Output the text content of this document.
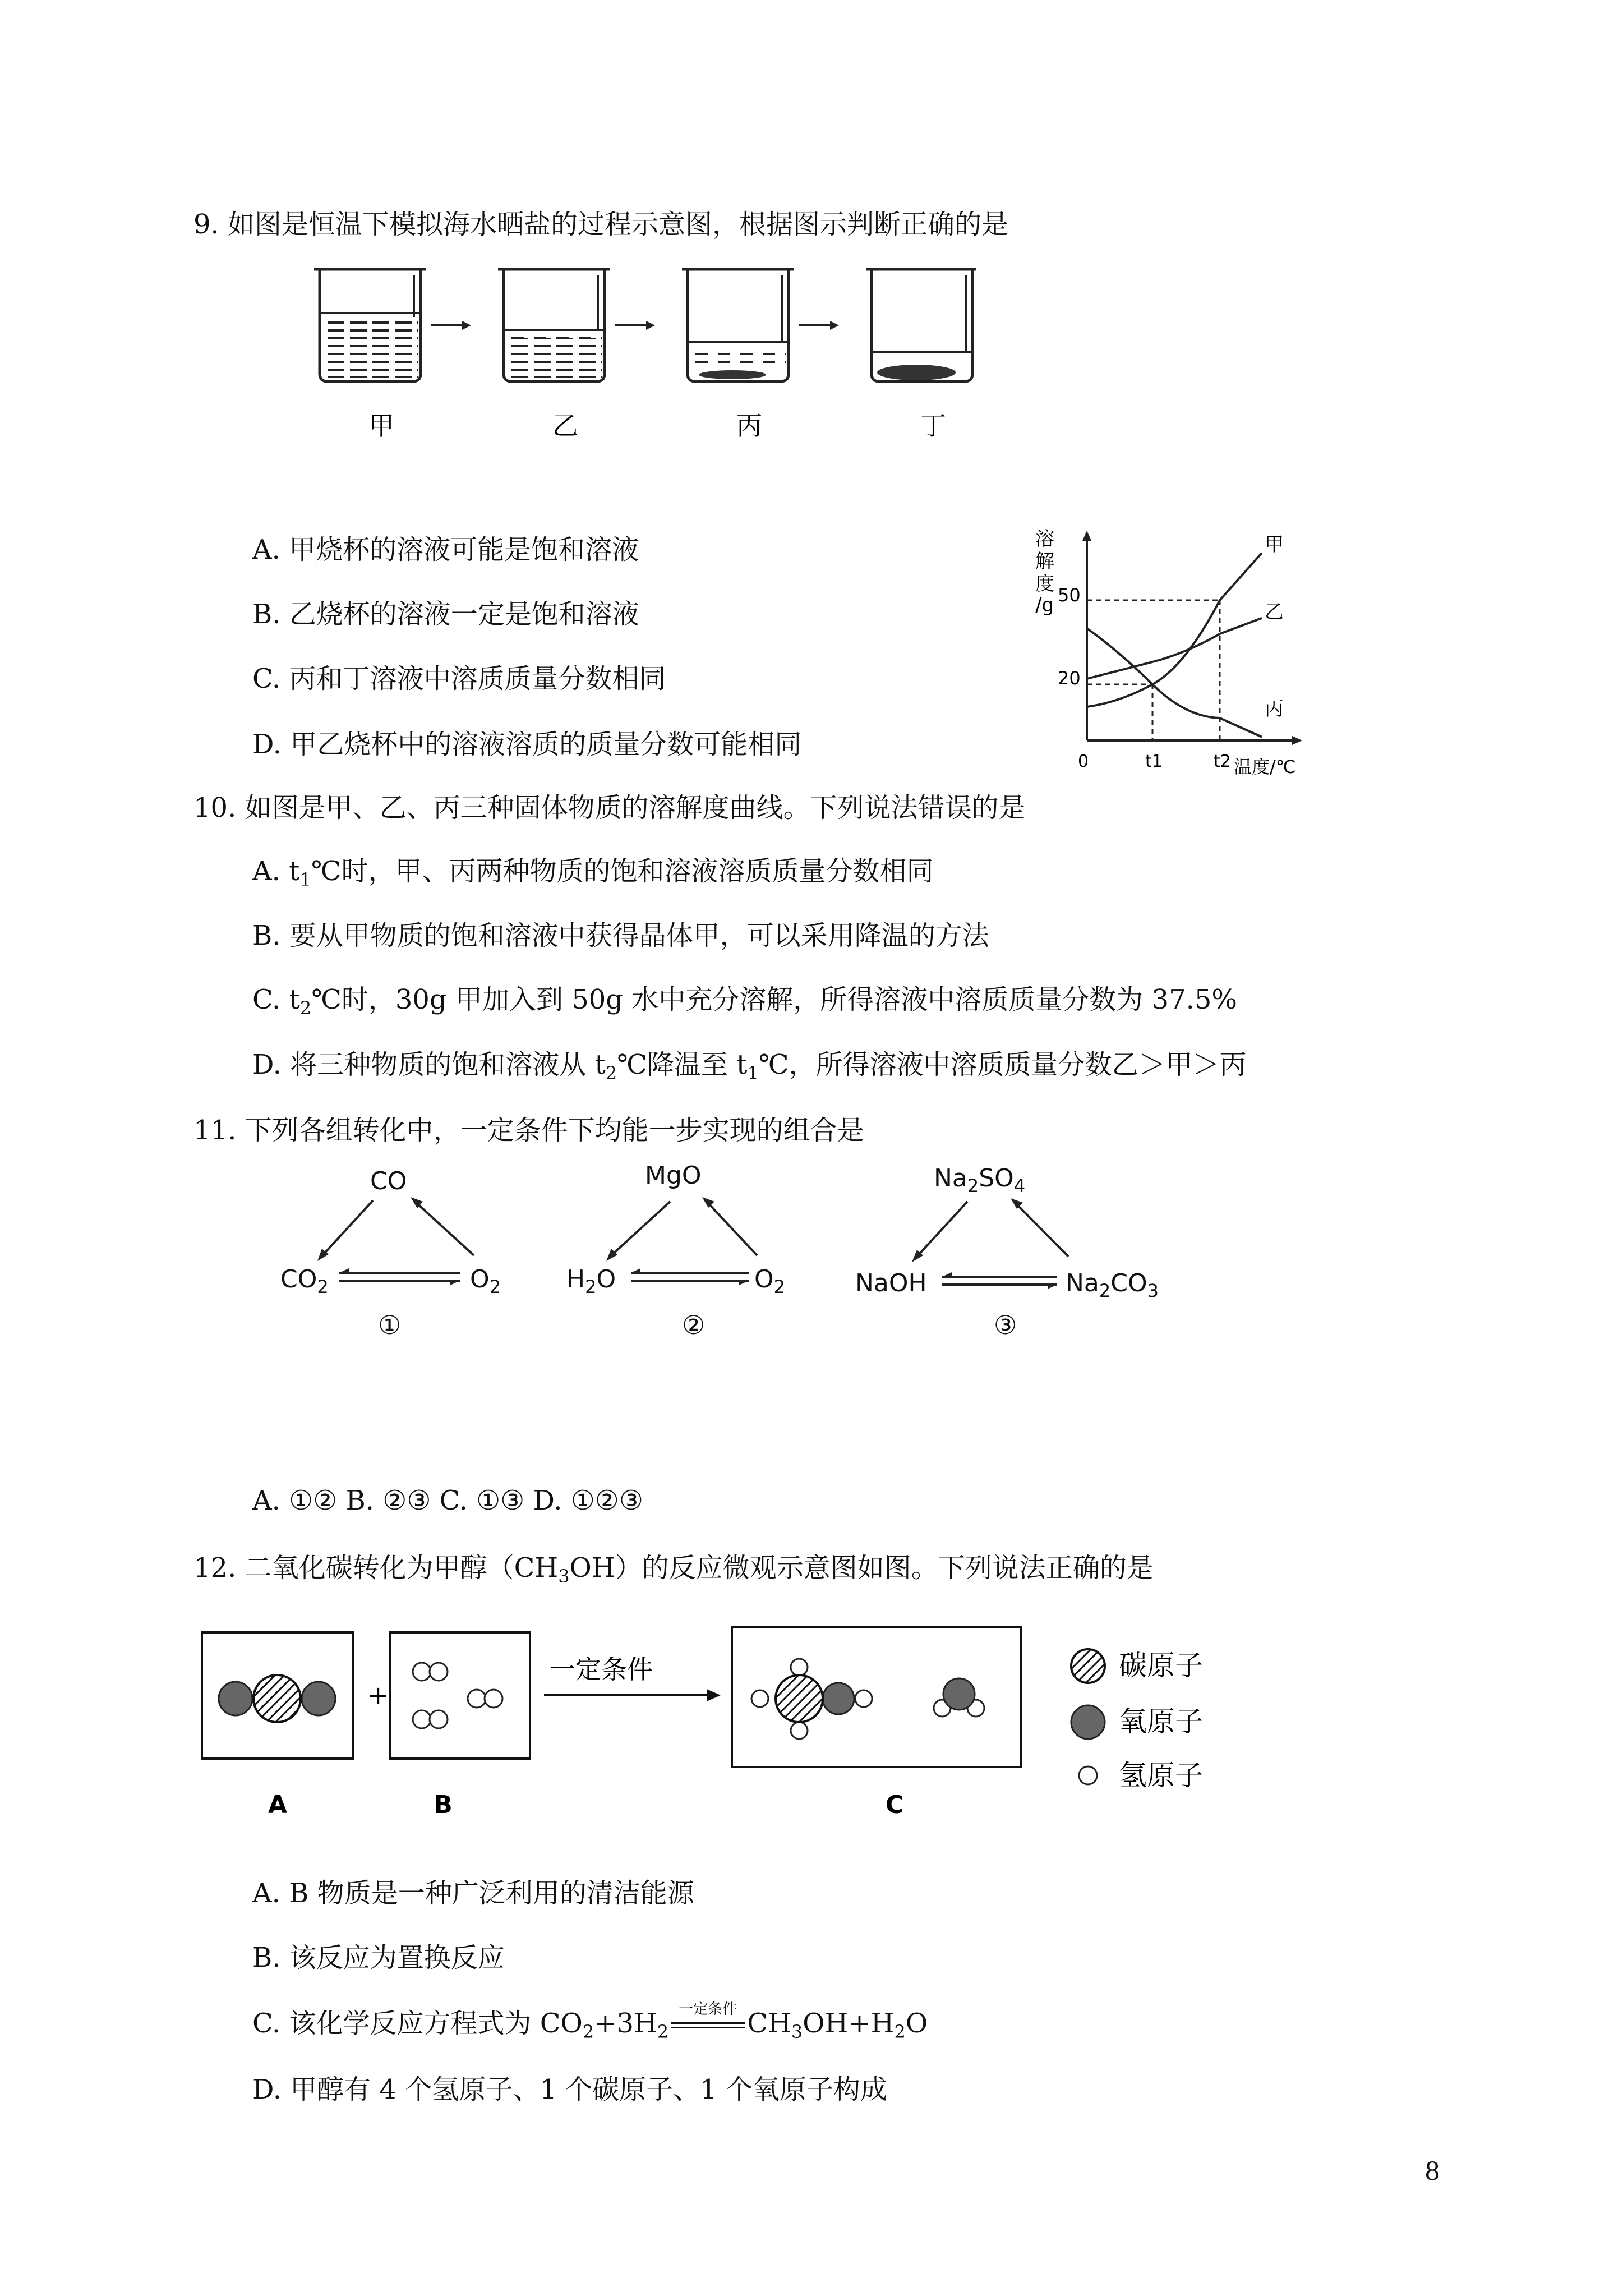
9. 如图是恒温下模拟海水晒盐的过程示意图，根据图示判断正确的是
甲	乙	丙	丁
A. 甲烧杯的溶液可能是饱和溶液
B. 乙烧杯的溶液一定是饱和溶液
C. 丙和丁溶液中溶质质量分数相同
D. 甲乙烧杯中的溶液溶质的质量分数可能相同
溶
解
度
/g 50
20
0	t1	t2 温度/℃
甲
乙
丙
10. 如图是甲、乙、丙三种固体物质的溶解度曲线。下列说法错误的是
A. $t_1℃$时，甲、丙两种物质的饱和溶液溶质质量分数相同
B. 要从甲物质的饱和溶液中获得晶体甲，可以采用降温的方法
C. $t_2℃$时，30g 甲加入到 50g 水中充分溶解，所得溶液中溶质质量分数为 37.5%
D. 将三种物质的饱和溶液从 $t_2℃$降温至 $t_1℃$，所得溶液中溶质质量分数乙＞甲＞丙
11. 下列各组转化中，一定条件下均能一步实现的组合是
CO
$CO_2$	$O_2$
①
MgO
$H_2O$	$O_2$
②
$Na_2SO_4$
NaOH	$Na_2CO_3$
③
A. ①② B. ②③ C. ①③ D. ①②③
12. 二氧化碳转化为甲醇$(CH_3OH)$的反应微观示意图如图。下列说法正确的是
+
一定条件	碳原子
氧原子
氢原子
A	B	C
A. B 物质是一种广泛利用的清洁能源
B. 该反应为置换反应
C. 该化学反应方程式为 $CO_2+3H_2$
一定条件 $CH_3OH+H_2O$
D. 甲醇有 4 个氢原子、1 个碳原子、1 个氧原子构成
8
